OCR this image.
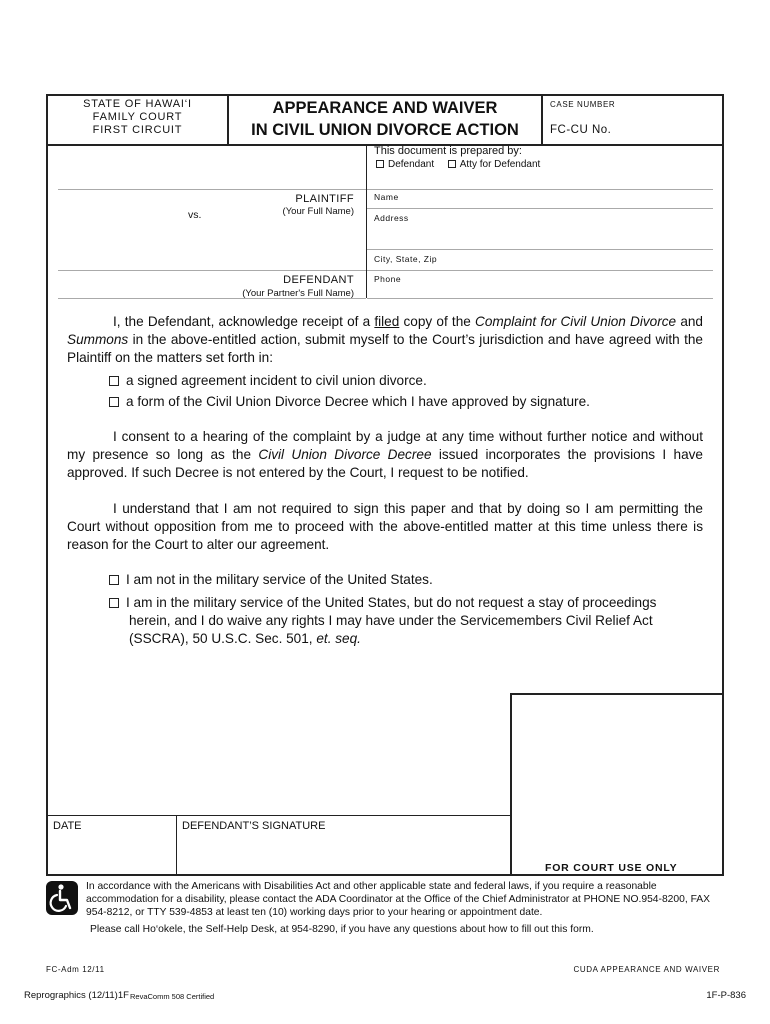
STATE OF HAWAI‘I
FAMILY COURT
FIRST CIRCUIT
APPEARANCE AND WAIVER
IN CIVIL UNION DIVORCE ACTION
CASE NUMBER
FC-CU No.
This document is prepared by:
Defendant	Atty for Defendant
PLAINTIFF
(Your Full Name)
vs.
DEFENDANT
(Your Partner's Full Name)
Name
Address
City, State, Zip
Phone
I, the Defendant, acknowledge receipt of a filed copy of the Complaint for Civil Union Divorce and Summons in the above-entitled action, submit myself to the Court’s jurisdiction and have agreed with the Plaintiff on the matters set forth in:
a signed agreement incident to civil union divorce.
a form of the Civil Union Divorce Decree which I have approved by signature.
I consent to a hearing of the complaint by a judge at any time without further notice and without my presence so long as the Civil Union Divorce Decree issued incorporates the provisions I have approved. If such Decree is not entered by the Court, I request to be notified.
I understand that I am not required to sign this paper and that by doing so I am permitting the Court without opposition from me to proceed with the above-entitled matter at this time unless there is reason for the Court to alter our agreement.
I am not in the military service of the United States.
I am in the military service of the United States, but do not request a stay of proceedings
herein, and I do waive any rights I may have under the Servicemembers Civil Relief Act
(SSCRA), 50 U.S.C. Sec. 501, et. seq.
DATE	DEFENDANT’S SIGNATURE
FOR COURT USE ONLY
In accordance with the Americans with Disabilities Act and other applicable state and federal laws, if you require a reasonable accommodation for a disability, please contact the ADA Coordinator at the Office of the Chief Administrator at PHONE NO.954-8200, FAX 954-8212, or TTY 539-4853 at least ten (10) working days prior to your hearing or appointment date.
Please call Ho‘okele, the Self-Help Desk, at 954-8290, if you have any questions about how to fill out this form.
FC-Adm 12/11	CUDA APPEARANCE AND WAIVER
Reprographics (12/11)1F RevaComm 508 Certified	1F-P-836
